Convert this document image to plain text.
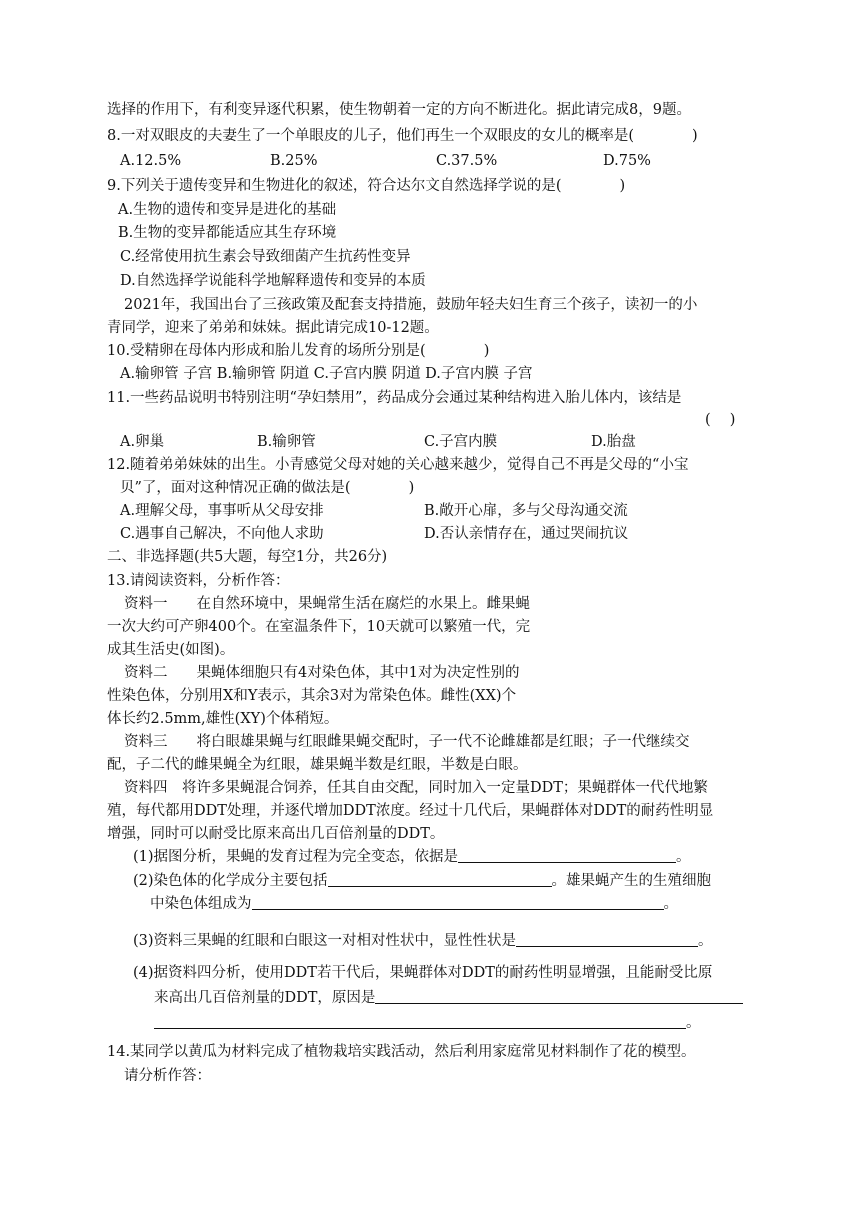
选择的作用下，有利变异逐代积累，使生物朝着一定的方向不断进化。据此请完成8，9题。
8.一对双眼皮的夫妻生了一个单眼皮的儿子，他们再生一个双眼皮的女儿的概率是(　　　　)
A.12.5%	B.25%	C.37.5%	D.75%
9.下列关于遗传变异和生物进化的叙述，符合达尔文自然选择学说的是(　　　　)
A.生物的遗传和变异是进化的基础
B.生物的变异都能适应其生存环境
C.经常使用抗生素会导致细菌产生抗药性变异
D.自然选择学说能科学地解释遗传和变异的本质
2021年，我国出台了三孩政策及配套支持措施，鼓励年轻夫妇生育三个孩子，读初一的小
青同学，迎来了弟弟和妹妹。据此请完成10-12题。
10.受精卵在母体内形成和胎儿发育的场所分别是(　　　　)
A.输卵管 子宫 B.输卵管 阴道 C.子宫内膜 阴道 D.子宫内膜 子宫
11.一些药品说明书特别注明“孕妇禁用”，药品成分会通过某种结构进入胎儿体内，该结是
(　 )
A.卵巢	B.输卵管	C.子宫内膜	D.胎盘
12.随着弟弟妹妹的出生。小青感觉父母对她的关心越来越少，觉得自己不再是父母的“小宝
贝”了，面对这种情况正确的做法是(　　　　)
A.理解父母，事事听从父母安排	B.敞开心扉，多与父母沟通交流
C.遇事自己解决，不向他人求助	D.否认亲情存在，通过哭闹抗议
二、非选择题(共5大题，每空1分，共26分)
13.请阅读资料，分析作答：
资料一　　在自然环境中，果蝇常生活在腐烂的水果上。雌果蝇
一次大约可产卵400个。在室温条件下，10天就可以繁殖一代，完
成其生活史(如图)。
资料二　　果蝇体细胞只有4对染色体，其中1对为决定性别的
性染色体，分别用X和Y表示，其余3对为常染色体。雌性(XX)个
体长约2.5mm,雄性(XY)个体稍短。
资料三　　将白眼雄果蝇与红眼雌果蝇交配时，子一代不论雌雄都是红眼；子一代继续交
配，子二代的雌果蝇全为红眼，雄果蝇半数是红眼，半数是白眼。
资料四　将许多果蝇混合饲养，任其自由交配，同时加入一定量DDT；果蝇群体一代代地繁
殖，每代都用DDT处理，并逐代增加DDT浓度。经过十几代后，果蝇群体对DDT的耐药性明显
增强，同时可以耐受比原来高出几百倍剂量的DDT。
(1)据图分析，果蝇的发育过程为完全变态，依据是	。
(2)染色体的化学成分主要包括	。雄果蝇产生的生殖细胞
中染色体组成为	。
(3)资料三果蝇的红眼和白眼这一对相对性状中，显性性状是	。
(4)据资料四分析，使用DDT若干代后，果蝇群体对DDT的耐药性明显增强，且能耐受比原
来高出几百倍剂量的DDT，原因是
。
14.某同学以黄瓜为材料完成了植物栽培实践活动，然后利用家庭常见材料制作了花的模型。
请分析作答：
